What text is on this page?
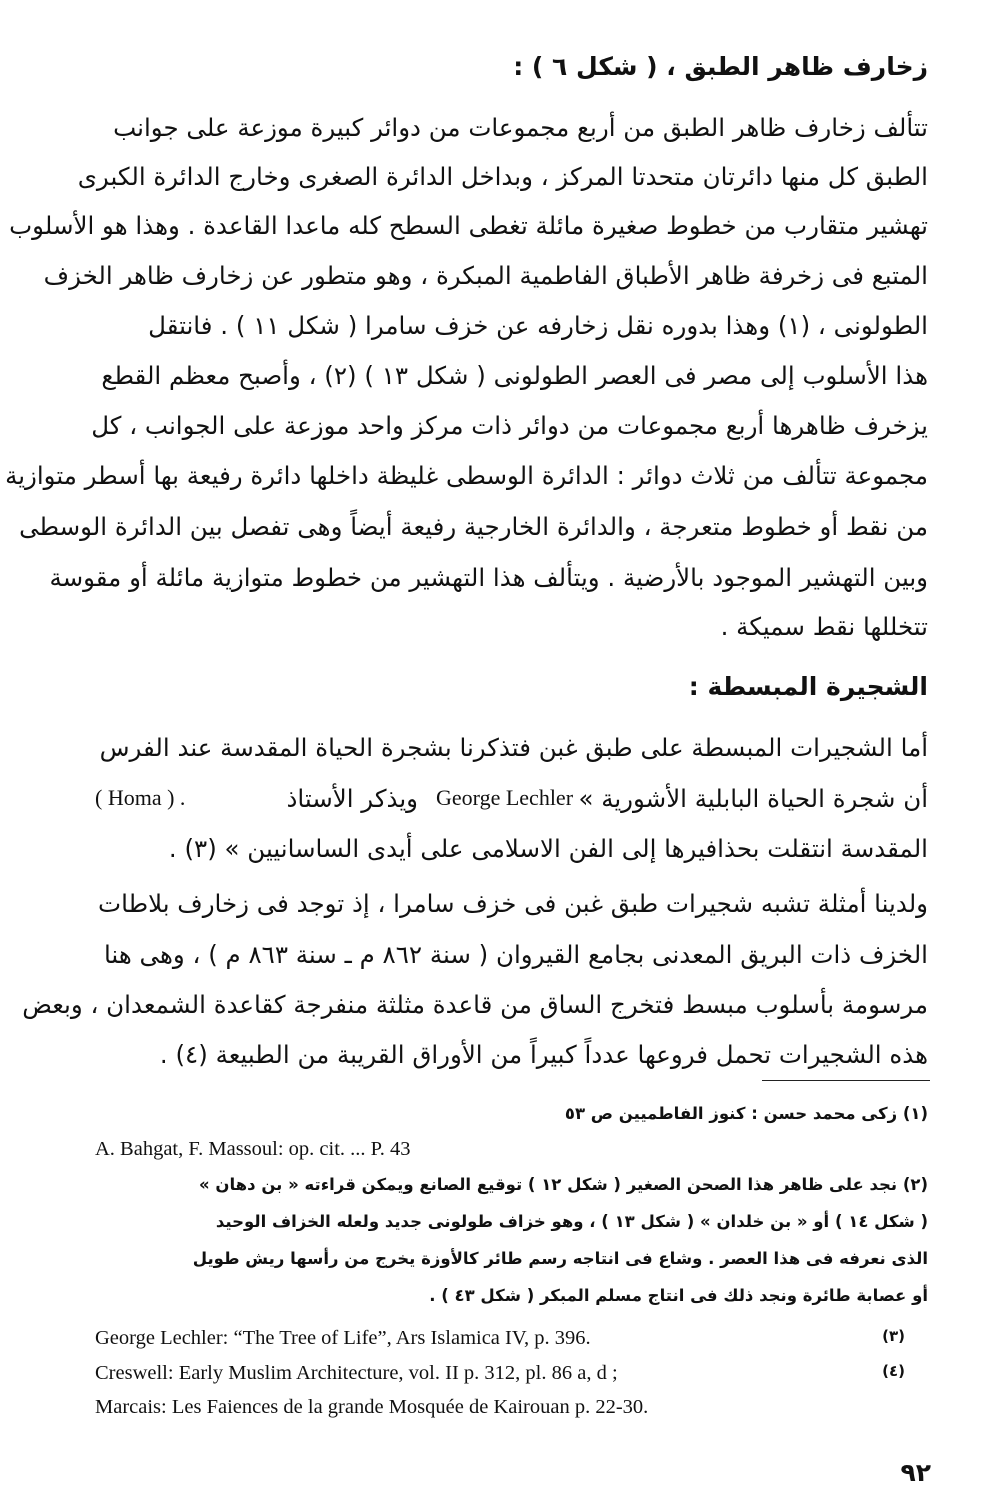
زخارف ظاهر الطبق ، ( شكل ٦ ) :
تتألف زخارف ظاهر الطبق من أربع مجموعات من دوائر كبيرة موزعة على جوانب
الطبق كل منها دائرتان متحدتا المركز ، وبداخل الدائرة الصغرى وخارج الدائرة الكبرى
تهشير متقارب من خطوط صغيرة مائلة تغطى السطح كله ماعدا القاعدة . وهذا هو الأسلوب
المتبع فى زخرفة ظاهر الأطباق الفاطمية المبكرة ، وهو متطور عن زخارف ظاهر الخزف
الطولونى ، (١) وهذا بدوره نقل زخارفه عن خزف سامرا ( شكل ١١ ) . فانتقل
هذا الأسلوب إلى مصر فى العصر الطولونى ( شكل ١٣ ) (٢) ، وأصبح معظم القطع
يزخرف ظاهرها أربع مجموعات من دوائر ذات مركز واحد موزعة على الجوانب ، كل
مجموعة تتألف من ثلاث دوائر : الدائرة الوسطى غليظة داخلها دائرة رفيعة بها أسطر متوازية
من نقط أو خطوط متعرجة ، والدائرة الخارجية رفيعة أيضاً وهى تفصل بين الدائرة الوسطى
وبين التهشير الموجود بالأرضية . ويتألف هذا التهشير من خطوط متوازية مائلة أو مقوسة
تتخللها نقط سميكة .
الشجيرة المبسطة :
أما الشجيرات المبسطة على طبق غبن فتذكرنا بشجرة الحياة المقدسة عند الفرس
أن شجرة الحياة البابلية الأشورية »
George Lechler
ويذكر الأستاذ
( Homa ) .
المقدسة انتقلت بحذافيرها إلى الفن الاسلامى على أيدى الساسانيين » (٣) .
ولدينا أمثلة تشبه شجيرات طبق غبن فى خزف سامرا ، إذ توجد فى زخارف بلاطات
الخزف ذات البريق المعدنى بجامع القيروان ( سنة ٨٦٢ م ـ سنة ٨٦٣ م ) ، وهى هنا
مرسومة بأسلوب مبسط فتخرج الساق من قاعدة مثلثة منفرجة كقاعدة الشمعدان ، وبعض
هذه الشجيرات تحمل فروعها عدداً كبيراً من الأوراق القريبة من الطبيعة (٤) .
(١) زكى محمد حسن : كنوز الفاطميين ص ٥٣
A. Bahgat, F. Massoul: op. cit. ... P. 43
(٢) نجد على ظاهر هذا الصحن الصغير ( شكل ١٢ ) توقيع الصانع ويمكن قراءته « بن دهان »
( شكل ١٤ ) أو « بن خلدان » ( شكل ١٣ ) ، وهو خزاف طولونى جديد ولعله الخزاف الوحيد
الذى نعرفه فى هذا العصر . وشاع فى انتاجه رسم طائر كالأوزة يخرج من رأسها ريش طويل
أو عصابة طائرة ونجد ذلك فى انتاج مسلم المبكر ( شكل ٤٣ ) .
George Lechler: “The Tree of Life”, Ars Islamica IV, p. 396.	(٣)
Creswell: Early Muslim Architecture, vol. II p. 312, pl. 86 a, d ;	(٤)
Marcais: Les Faiences de la grande Mosquée de Kairouan p. 22-30.
٩٢
